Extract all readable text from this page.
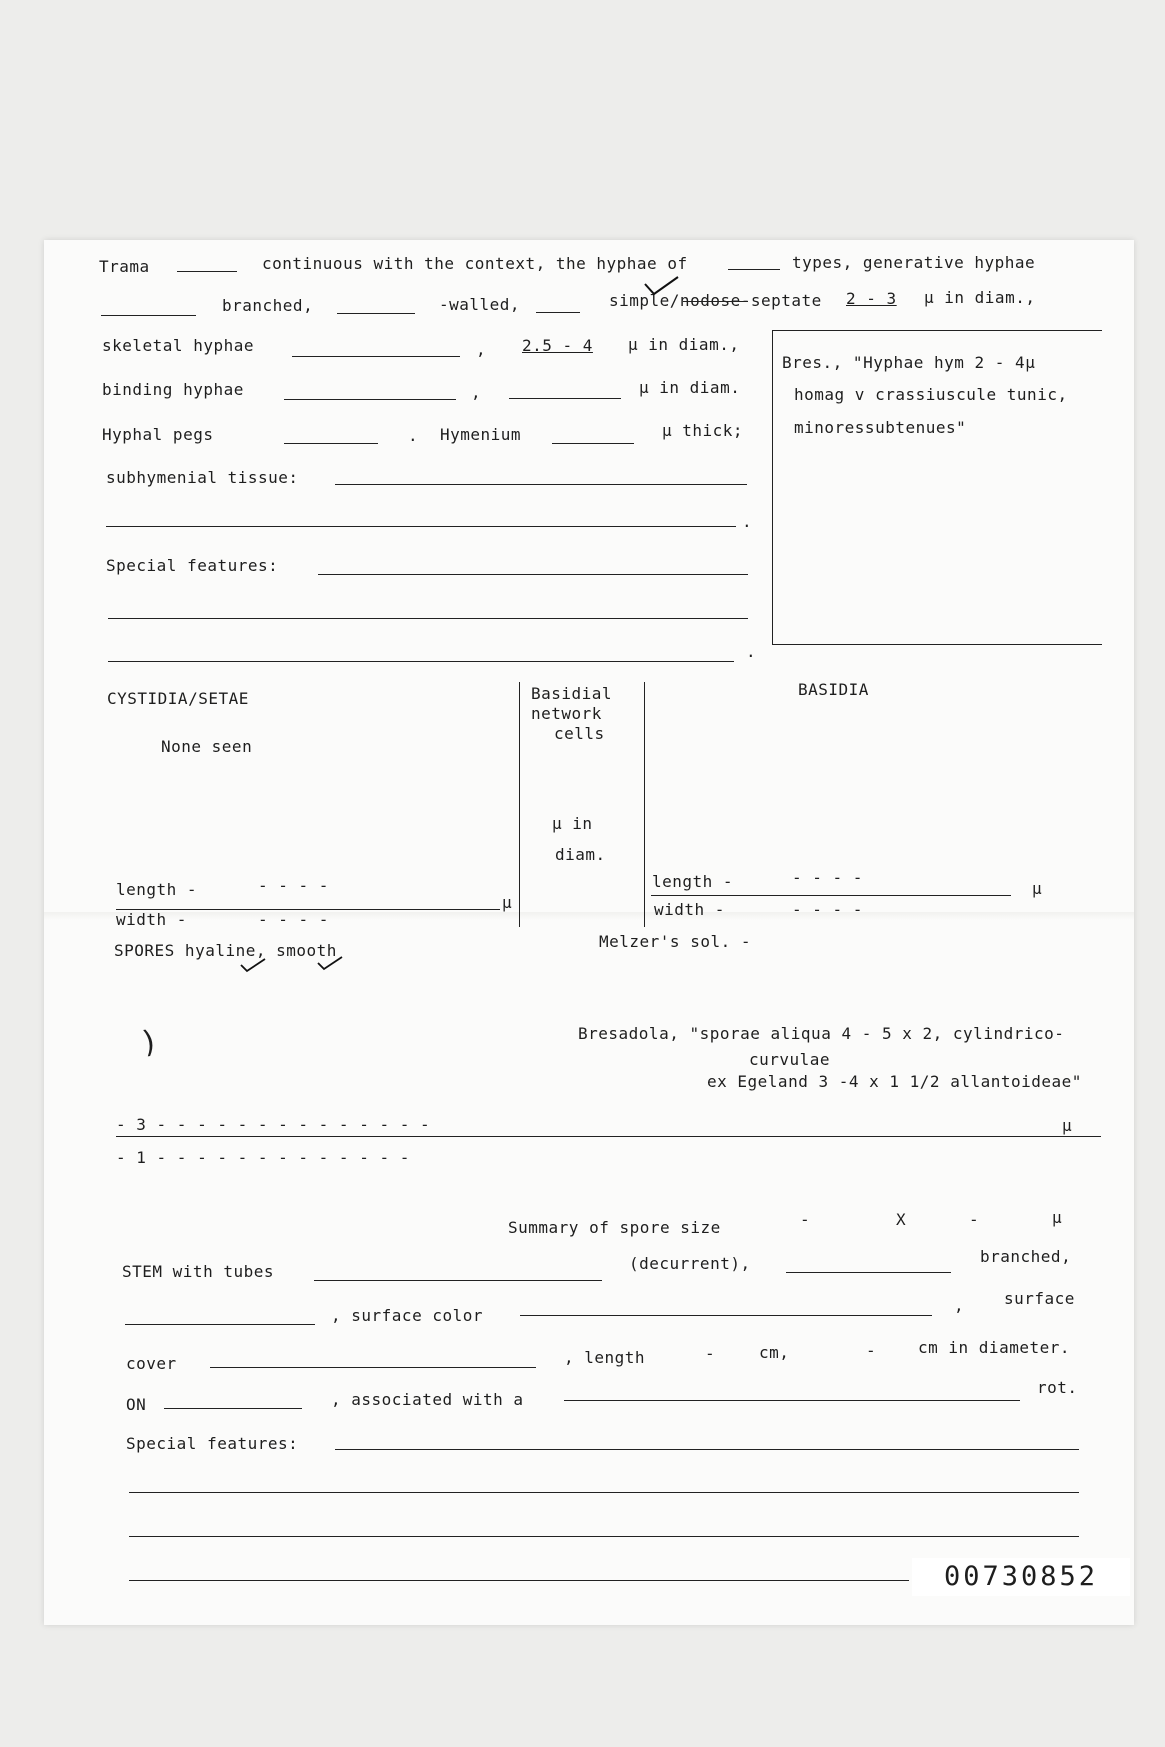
Trama	continuous with the context, the hyphae of	types, generative hyphae
branched,	-walled,	simple/nodose-septate 2 - 3 μ in diam.,
skeletal hyphae	, 2.5 - 4 μ in diam.,
Bres., "Hyphae hym 2 - 4μ
homag v crassiuscule tunic,
minoressubtenues"
binding hyphae	,	μ in diam.
Hyphal pegs	. Hymenium	μ thick;
subhymenial tissue:
.
Special features:
.
CYSTIDIA/SETAE
None seen
Basidial
network
cells
μ in
diam.
BASIDIA
length -	- - - -
μ
width -	- - - -
length -	- - - -
μ
width -	- - - -
Melzer's sol. -
SPORES hyaline, smooth
)	Bresadola, "sporae aliqua 4 - 5 x 2, cylindrico-
curvulae
ex Egeland 3 -4 x 1 1/2 allantoideae"
- 3 - - - - - - - - - - - - - -	μ
- 1 - - - - - - - - - - - - -
Summary of spore size	-	X	-	μ
STEM with tubes	(decurrent),	branched,
, surface color
, surface
cover	, length	-	cm,	-	cm in diameter.
ON	, associated with a
rot.
Special features:
00730852
